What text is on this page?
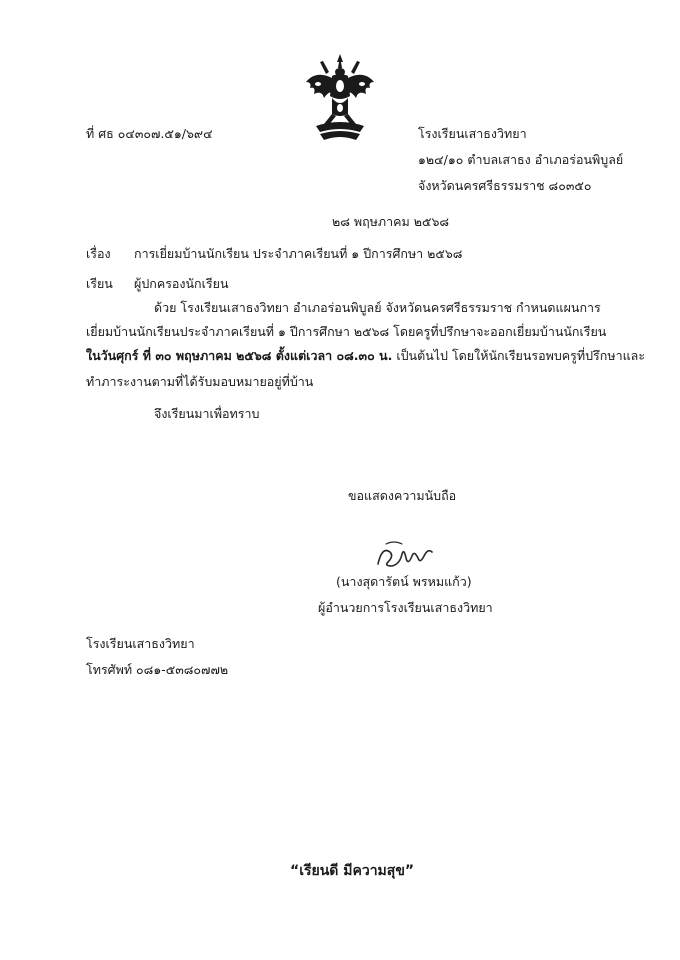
ที่ ศธ ๐๔๓๐๗.๕๑/๖๙๔	โรงเรียนเสาธงวิทยา
๑๒๔/๑๐ ตำบลเสาธง อำเภอร่อนพิบูลย์
จังหวัดนครศรีธรรมราช ๘๐๓๕๐
๒๘ พฤษภาคม ๒๕๖๘
เรื่อง การเยี่ยมบ้านนักเรียน ประจำภาคเรียนที่ ๑ ปีการศึกษา ๒๕๖๘
เรียน ผู้ปกครองนักเรียน
ด้วย โรงเรียนเสาธงวิทยา อำเภอร่อนพิบูลย์ จังหวัดนครศรีธรรมราช กำหนดแผนการ
เยี่ยมบ้านนักเรียนประจำภาคเรียนที่ ๑ ปีการศึกษา ๒๕๖๘ โดยครูที่ปรึกษาจะออกเยี่ยมบ้านนักเรียน
ในวันศุกร์ ที่ ๓๐ พฤษภาคม ๒๕๖๘ ตั้งแต่เวลา ๐๘.๓๐ น. เป็นต้นไป โดยให้นักเรียนรอพบครูที่ปรึกษาและ
ทำภาระงานตามที่ได้รับมอบหมายอยู่ที่บ้าน
จึงเรียนมาเพื่อทราบ
ขอแสดงความนับถือ
(นางสุดารัตน์ พรหมแก้ว)
ผู้อำนวยการโรงเรียนเสาธงวิทยา
โรงเรียนเสาธงวิทยา
โทรศัพท์ ๐๘๑-๕๓๘๐๗๗๒
“เรียนดี มีความสุข”
